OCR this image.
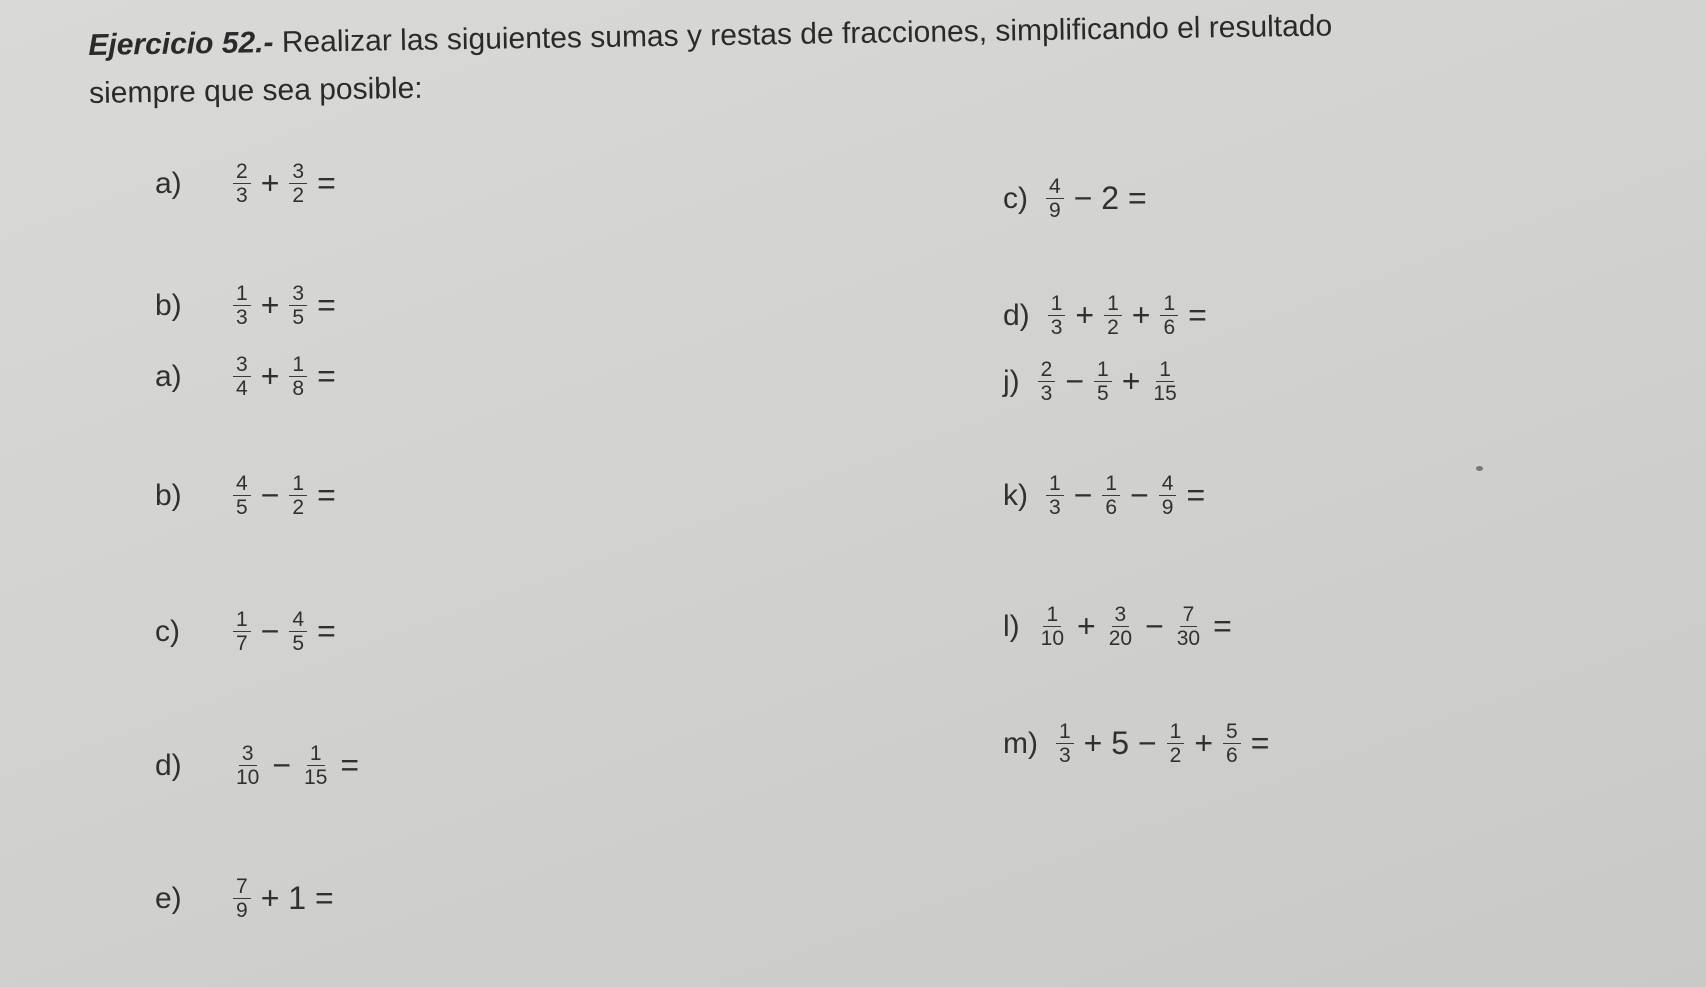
Ejercicio 52.- Realizar las siguientes sumas y restas de fracciones, simplificando el resultado
siempre que sea posible:
a)	$\frac{2}{3} + \frac{3}{2}$ =
b)	$\frac{1}{3} + \frac{3}{5}$ =
a)	$\frac{3}{4} + \frac{1}{8}$ =
b)	$\frac{4}{5} - \frac{1}{2}$ =
c)	$\frac{1}{7} - \frac{4}{5}$ =
d)	$\frac{3}{10} - \frac{1}{15}$ =
e)	$\frac{7}{9} + 1$ =
$c) \frac{4}{9} - 2$ =
$d) \frac{1}{3} + \frac{1}{2} + \frac{1}{6}$ =
$j) \frac{2}{3} - \frac{1}{5} + \frac{1}{15}$
$k) \frac{1}{3} - \frac{1}{6} - \frac{4}{9}$ =
$l) \frac{1}{10} + \frac{3}{20} - \frac{7}{30}$ =
$m) \frac{1}{3} + 5 - \frac{1}{2} + \frac{5}{6}$ =
